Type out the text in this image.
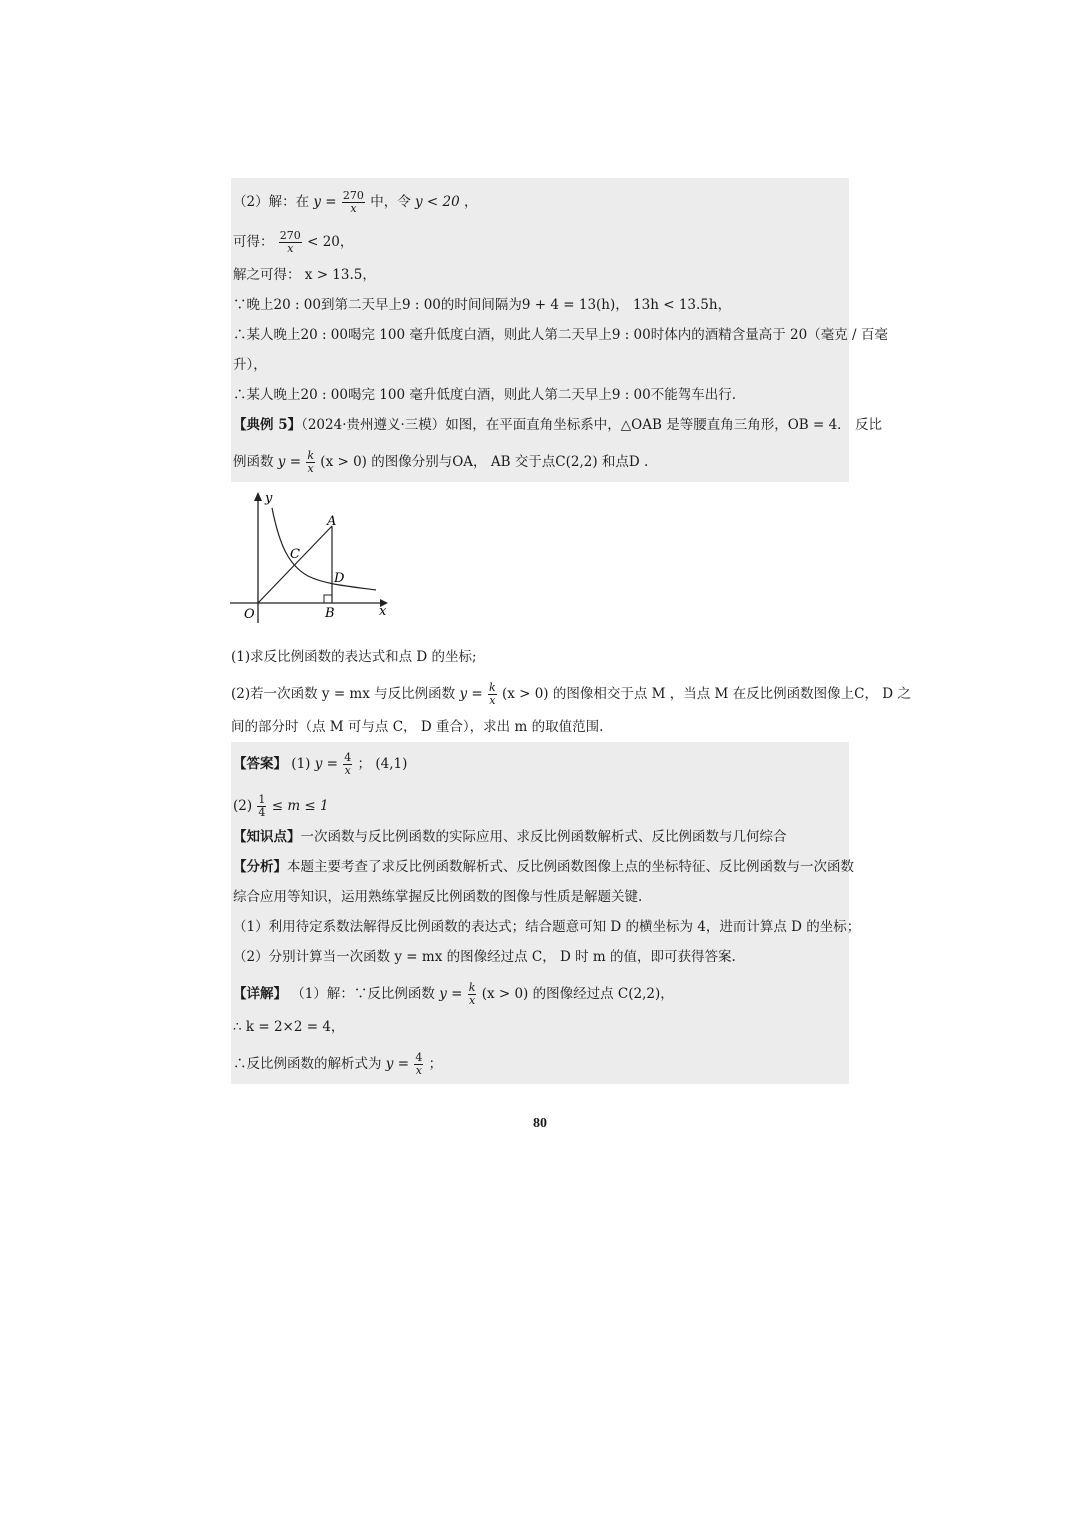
（2）解：在 $y = \frac{270}{x}$ 中，令 y < 20 ，
可得： $\frac{270}{x} < 20$，
解之可得： x > 13.5，
∵晚上20 : 00到第二天早上9 : 00的时间间隔为9 + 4 = 13(h)， 13h < 13.5h，
∴某人晚上20 : 00喝完 100 毫升低度白酒，则此人第二天早上9 : 00时体内的酒精含量高于 20（毫克 / 百毫
升），
∴某人晚上20 : 00喝完 100 毫升低度白酒，则此人第二天早上9 : 00不能驾车出行.
【典例 5】（2024·贵州遵义·三模）如图，在平面直角坐标系中，△OAB 是等腰直角三角形，OB = 4． 反比
例函数 $y = \frac{k}{x} (x > 0)$ 的图像分别与OA， AB 交于点C(2,2) 和点D .
y
x
O
A
B
C
D
(1)求反比例函数的表达式和点 D 的坐标;
(2)若一次函数 y = mx 与反比例函数 $y = \frac{k}{x} (x > 0)$ 的图像相交于点 M ，当点 M 在反比例函数图像上C， D 之
间的部分时（点 M 可与点 C， D 重合），求出 m 的取值范围.
【答案】 (1) $y = \frac{4}{x}$ ； (4,1)
$(2) \frac{1}{4} \le m \le 1$
【知识点】一次函数与反比例函数的实际应用、求反比例函数解析式、反比例函数与几何综合
【分析】本题主要考查了求反比例函数解析式、反比例函数图像上点的坐标特征、反比例函数与一次函数
综合应用等知识，运用熟练掌握反比例函数的图像与性质是解题关键.
（1）利用待定系数法解得反比例函数的表达式；结合题意可知 D 的横坐标为 4，进而计算点 D 的坐标；
（2）分别计算当一次函数 y = mx 的图像经过点 C， D 时 m 的值，即可获得答案.
【详解】 （1）解：∵反比例函数 $y = \frac{k}{x} (x > 0)$ 的图像经过点 C(2,2)，
∴ k = 2×2 = 4，
∴反比例函数的解析式为 $y = \frac{4}{x}$ ；
80
